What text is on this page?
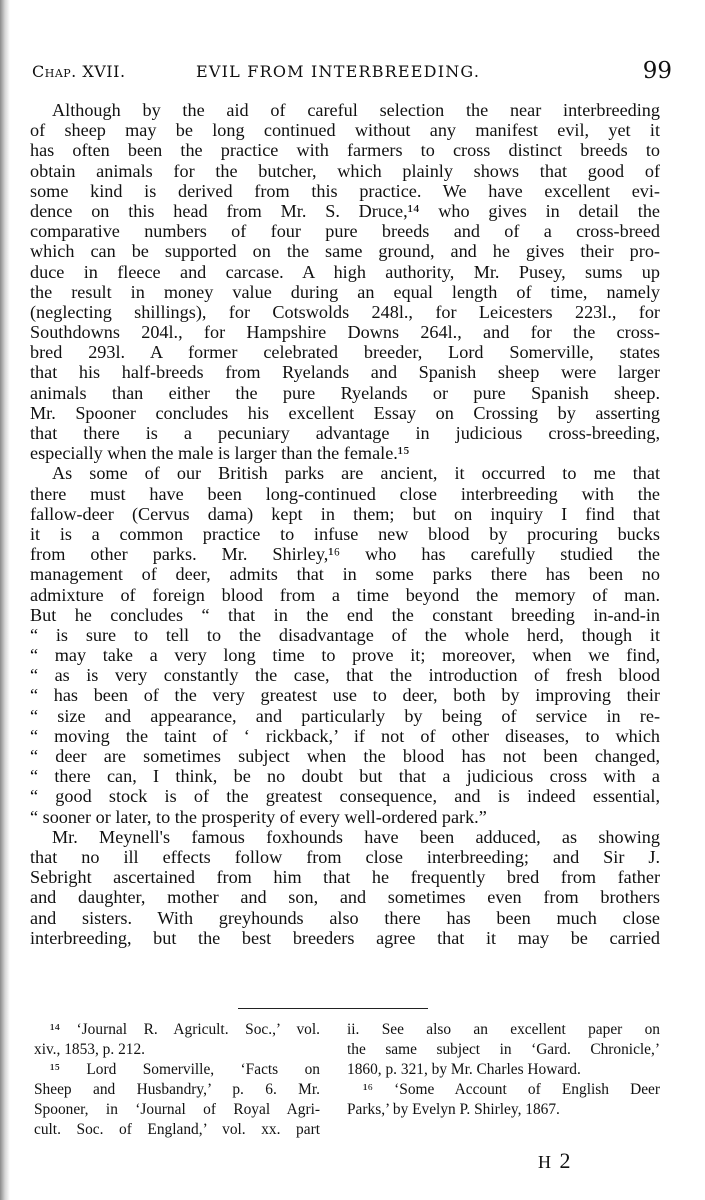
Chap. XVII.	EVIL FROM INTERBREEDING.	99
Although by the aid of careful selection the near interbreeding
of sheep may be long continued without any manifest evil, yet it
has often been the practice with farmers to cross distinct breeds to
obtain animals for the butcher, which plainly shows that good of
some kind is derived from this practice. We have excellent evi-
dence on this head from Mr. S. Druce,¹⁴ who gives in detail the
comparative numbers of four pure breeds and of a cross-breed
which can be supported on the same ground, and he gives their pro-
duce in fleece and carcase. A high authority, Mr. Pusey, sums up
the result in money value during an equal length of time, namely
(neglecting shillings), for Cotswolds 248l., for Leicesters 223l., for
Southdowns 204l., for Hampshire Downs 264l., and for the cross-
bred 293l. A former celebrated breeder, Lord Somerville, states
that his half-breeds from Ryelands and Spanish sheep were larger
animals than either the pure Ryelands or pure Spanish sheep.
Mr. Spooner concludes his excellent Essay on Crossing by asserting
that there is a pecuniary advantage in judicious cross-breeding,
especially when the male is larger than the female.¹⁵
As some of our British parks are ancient, it occurred to me that
there must have been long-continued close interbreeding with the
fallow-deer (Cervus dama) kept in them; but on inquiry I find that
it is a common practice to infuse new blood by procuring bucks
from other parks. Mr. Shirley,¹⁶ who has carefully studied the
management of deer, admits that in some parks there has been no
admixture of foreign blood from a time beyond the memory of man.
But he concludes “ that in the end the constant breeding in-and-in
“ is sure to tell to the disadvantage of the whole herd, though it
“ may take a very long time to prove it; moreover, when we find,
“ as is very constantly the case, that the introduction of fresh blood
“ has been of the very greatest use to deer, both by improving their
“ size and appearance, and particularly by being of service in re-
“ moving the taint of ‘ rickback,’ if not of other diseases, to which
“ deer are sometimes subject when the blood has not been changed,
“ there can, I think, be no doubt but that a judicious cross with a
“ good stock is of the greatest consequence, and is indeed essential,
“ sooner or later, to the prosperity of every well-ordered park.”
Mr. Meynell's famous foxhounds have been adduced, as showing
that no ill effects follow from close interbreeding; and Sir J.
Sebright ascertained from him that he frequently bred from father
and daughter, mother and son, and sometimes even from brothers
and sisters. With greyhounds also there has been much close
interbreeding, but the best breeders agree that it may be carried
¹⁴ ‘Journal R. Agricult. Soc.,’ vol.
xiv., 1853, p. 212.
¹⁵ Lord Somerville, ‘Facts on
Sheep and Husbandry,’ p. 6. Mr.
Spooner, in ‘Journal of Royal Agri-
cult. Soc. of England,’ vol. xx. part
ii. See also an excellent paper on
the same subject in ‘Gard. Chronicle,’
1860, p. 321, by Mr. Charles Howard.
¹⁶ ‘Some Account of English Deer
Parks,’ by Evelyn P. Shirley, 1867.
H 2
